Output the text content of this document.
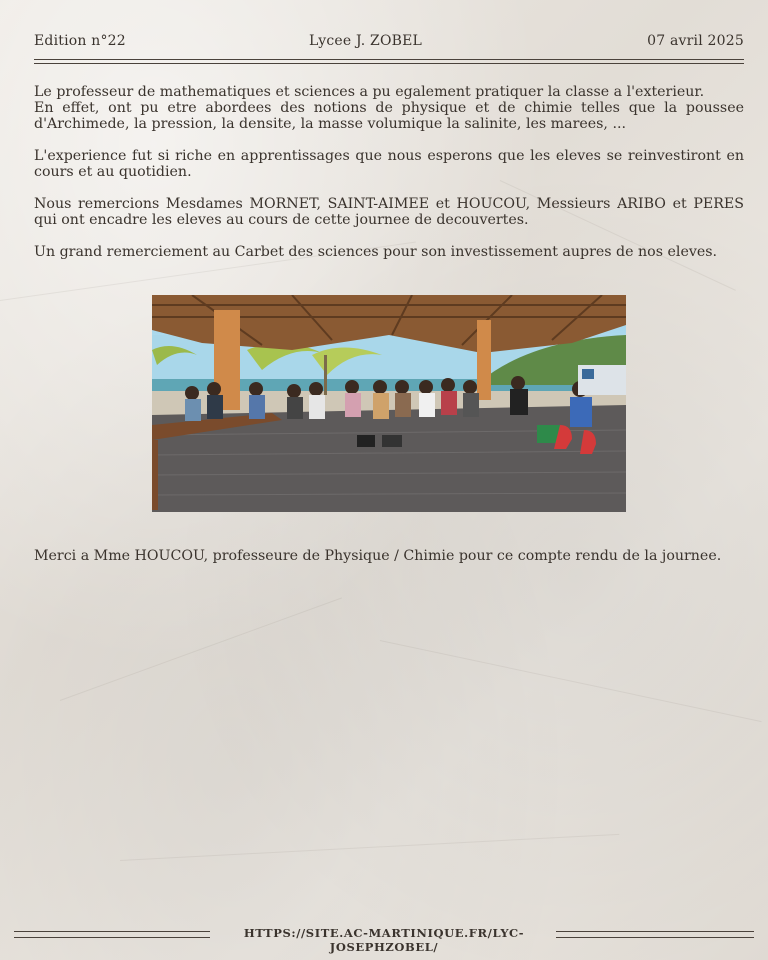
Edition n°22	Lycee J. ZOBEL	07 avril 2025

Le professeur de mathematiques et sciences a pu egalement pratiquer la classe a l'exterieur.

En effet, ont pu etre abordees des notions de physique et de chimie telles que la poussee d'Archimede, la pression, la densite, la masse volumique la salinite, les marees, ...

L'experience fut si riche en apprentissages que nous esperons que les eleves se reinvestiront en cours et au quotidien.

Nous remercions Mesdames MORNET, SAINT-AIMEE et HOUCOU, Messieurs ARIBO et PERES qui ont encadre les eleves au cours de cette journee de decouvertes.

Un grand remerciement au Carbet des sciences pour son investissement aupres de nos eleves.

Merci a Mme HOUCOU, professeure de Physique / Chimie pour ce compte rendu de la journee.
HTTPS://SITE.AC-MARTINIQUE.FR/LYC-JOSEPHZOBEL/
